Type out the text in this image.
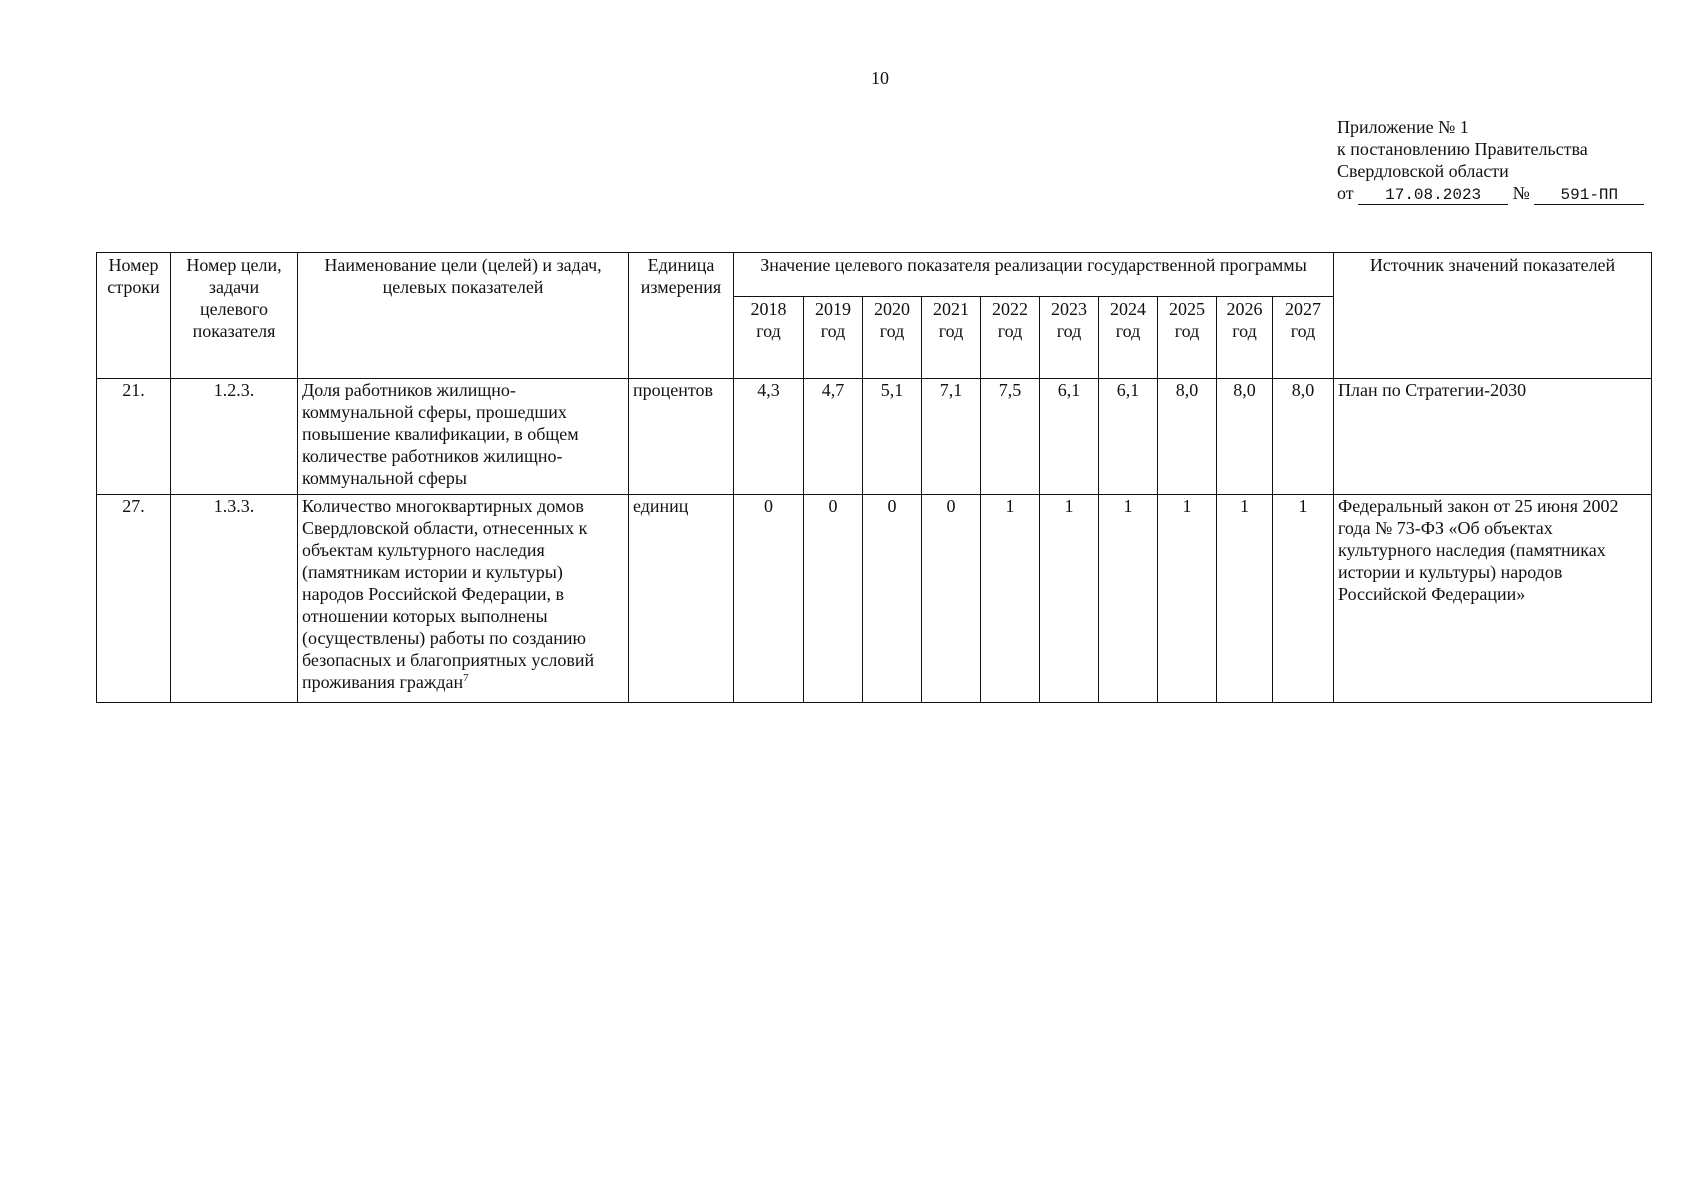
10
Приложение № 1
к постановлению Правительства
Свердловской области
от 17.08.2023 № 591-ПП
Номер строки	Номер цели, задачи целевого показателя	Наименование цели (целей) и задач, целевых показателей	Единица измерения	Значение целевого показателя реализации государственной программы										Источник значений показателей
				2018 год	2019 год	2020 год	2021 год	2022 год	2023 год	2024 год	2025 год	2026 год	2027 год	
21.	1.2.3.	Доля работников жилищно-коммунальной сферы, прошедших повышение квалификации, в общем количестве работников жилищно-коммунальной сферы	процентов	4,3	4,7	5,1	7,1	7,5	6,1	6,1	8,0	8,0	8,0	План по Стратегии-2030
27.	1.3.3.	Количество многоквартирных домов Свердловской области, отнесенных к объектам культурного наследия (памятникам истории и культуры) народов Российской Федерации, в отношении которых выполнены (осуществлены) работы по созданию безопасных и благоприятных условий проживания граждан$^7$	единиц	0	0	0	0	1	1	1	1	1	1	Федеральный закон от 25 июня 2002 года № 73-ФЗ «Об объектах культурного наследия (памятниках истории и культуры) народов Российской Федерации»
